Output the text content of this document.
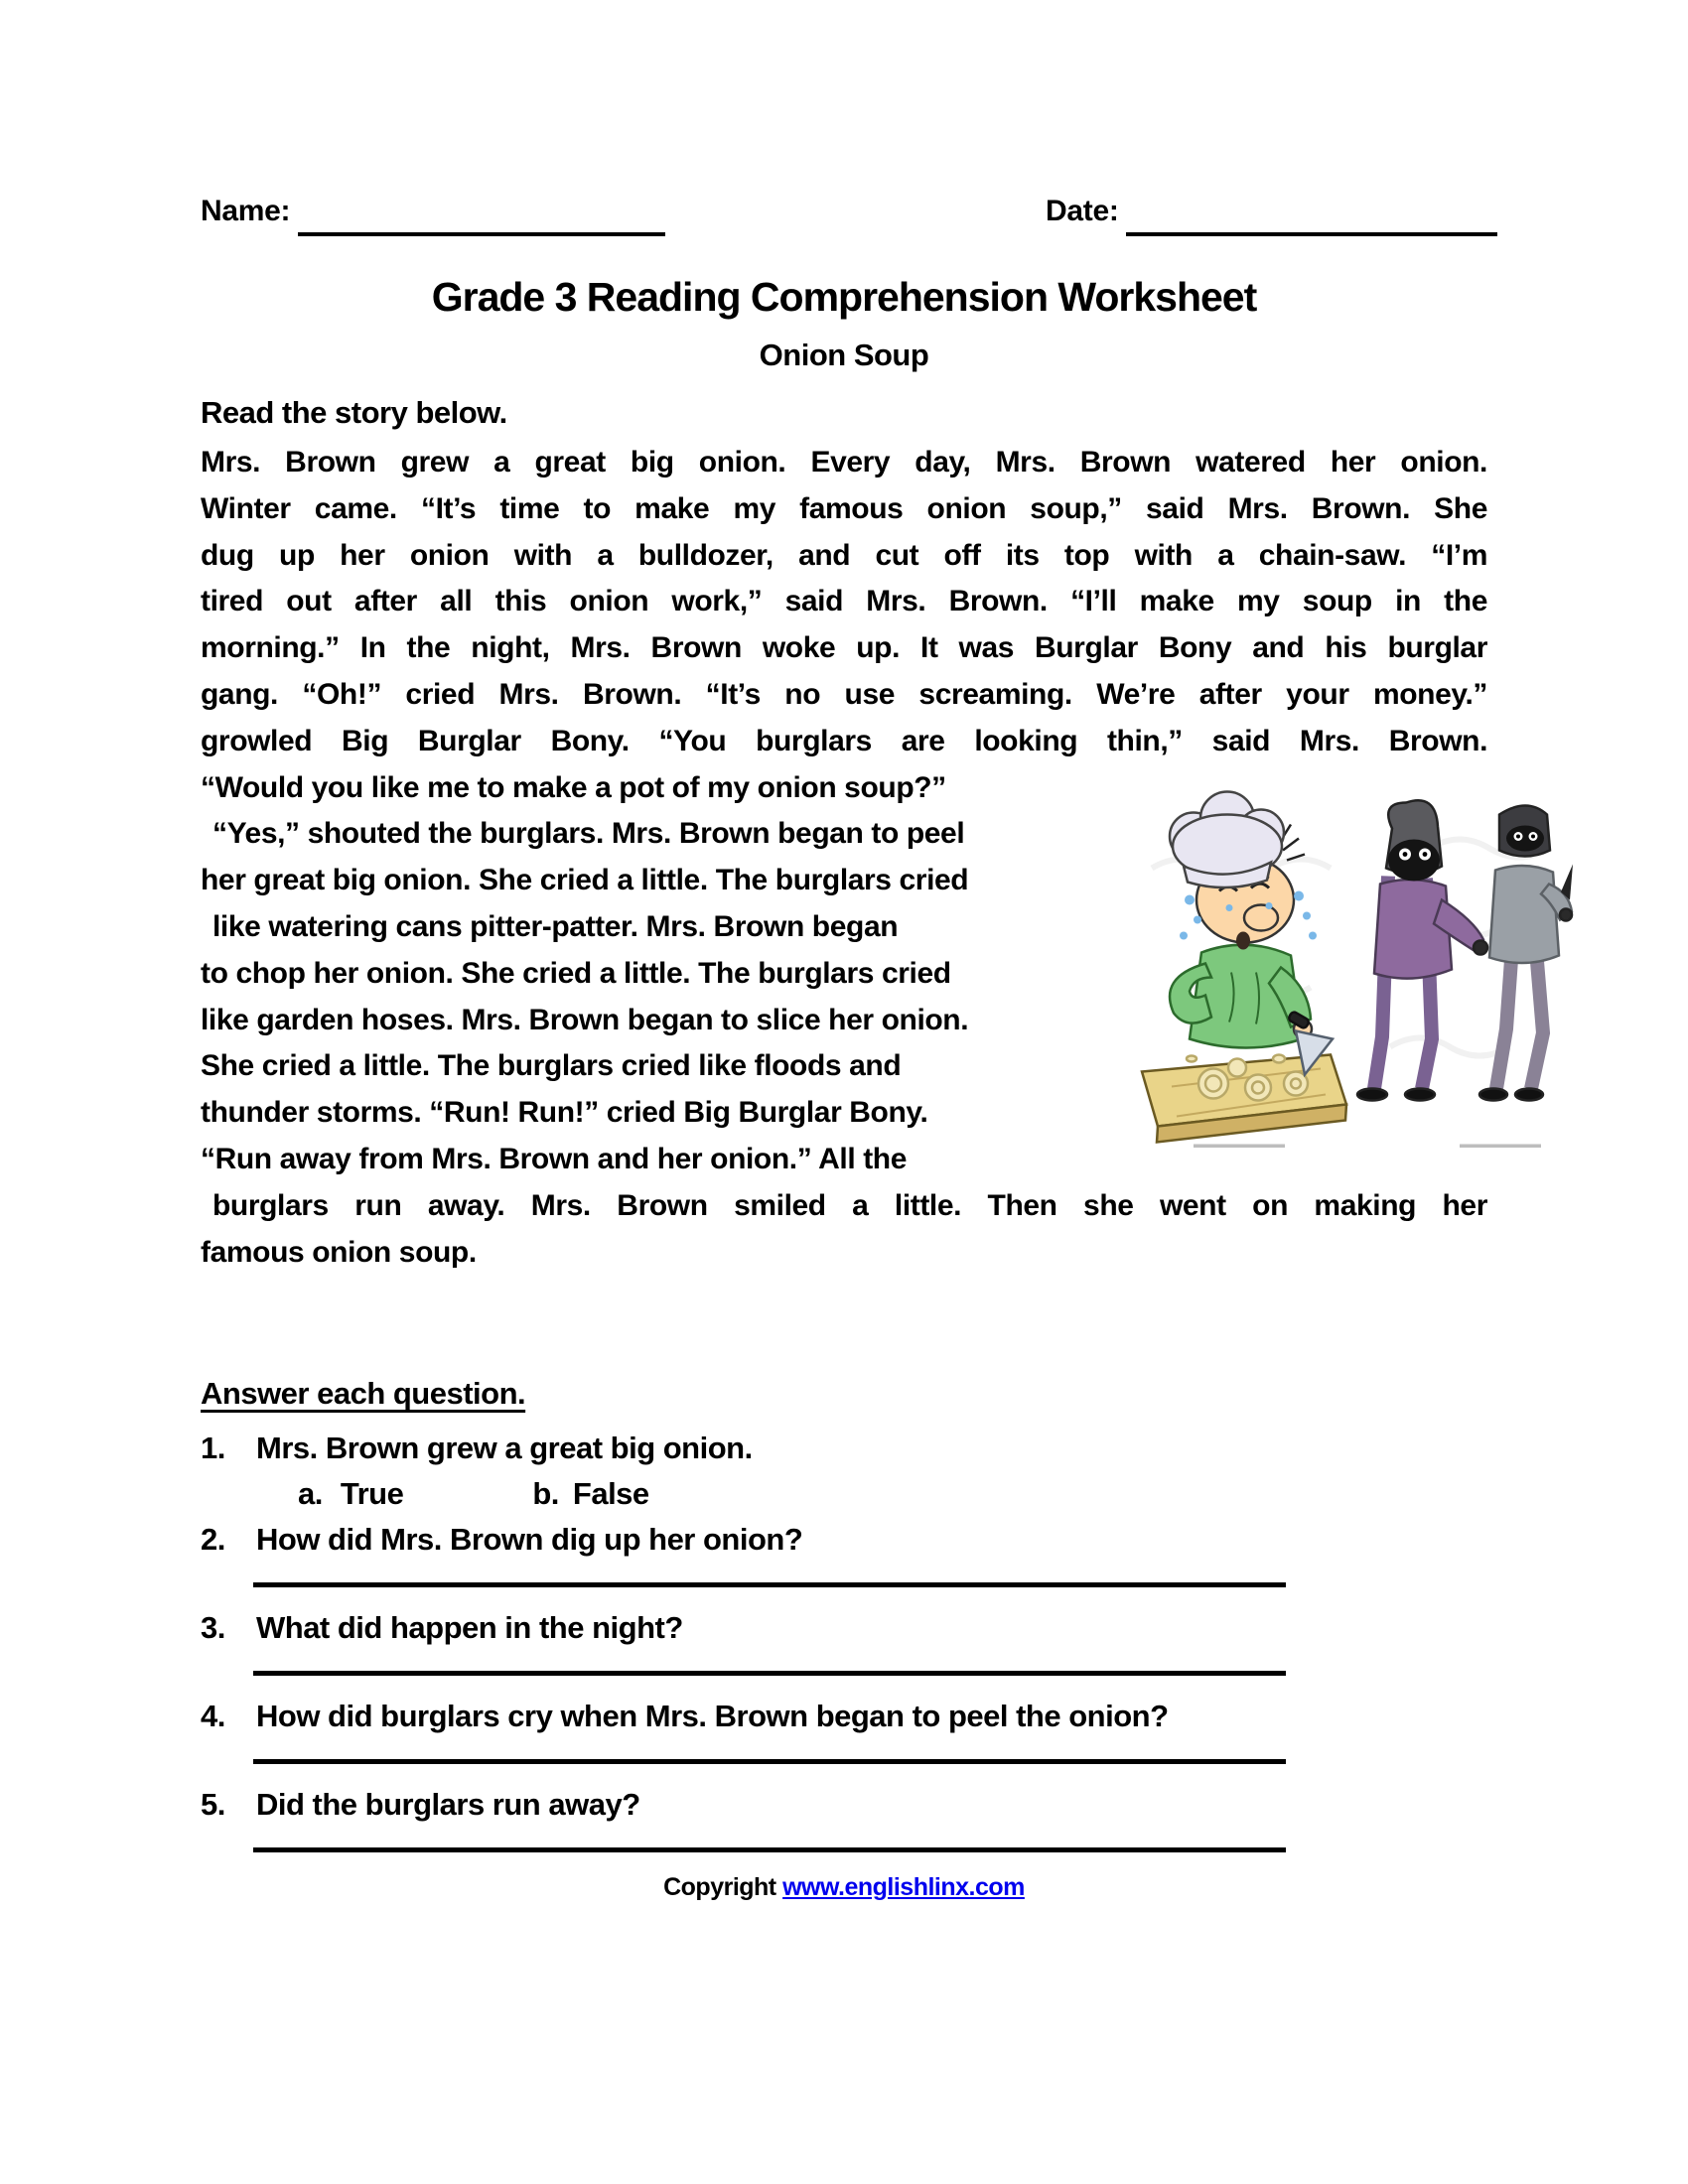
Name:	Date:
Grade 3 Reading Comprehension Worksheet
Onion Soup
Read the story below.
Mrs. Brown grew a great big onion. Every day, Mrs. Brown watered her onion.
Winter came. “It’s time to make my famous onion soup,” said Mrs. Brown. She
dug up her onion with a bulldozer, and cut off its top with a chain-saw. “I’m
tired out after all this onion work,” said Mrs. Brown. “I’ll make my soup in the
morning.” In the night, Mrs. Brown woke up. It was Burglar Bony and his burglar
gang. “Oh!” cried Mrs. Brown. “It’s no use screaming. We’re after your money.”
growled Big Burglar Bony. “You burglars are looking thin,” said Mrs. Brown.
“Would you like me to make a pot of my onion soup?”
“Yes,” shouted the burglars. Mrs. Brown began to peel
her great big onion. She cried a little. The burglars cried
like watering cans pitter-patter. Mrs. Brown began
to chop her onion. She cried a little. The burglars cried
like garden hoses. Mrs. Brown began to slice her onion.
She cried a little. The burglars cried like floods and
thunder storms. “Run! Run!” cried Big Burglar Bony.
“Run away from Mrs. Brown and her onion.” All the
burglars run away. Mrs. Brown smiled a little. Then she went on making her
famous onion soup.
Answer each question.
1.	Mrs. Brown grew a great big onion.
a. True	b. False
2.	How did Mrs. Brown dig up her onion?
3.	What did happen in the night?
4.	How did burglars cry when Mrs. Brown began to peel the onion?
5.	Did the burglars run away?
Copyright www.englishlinx.com
